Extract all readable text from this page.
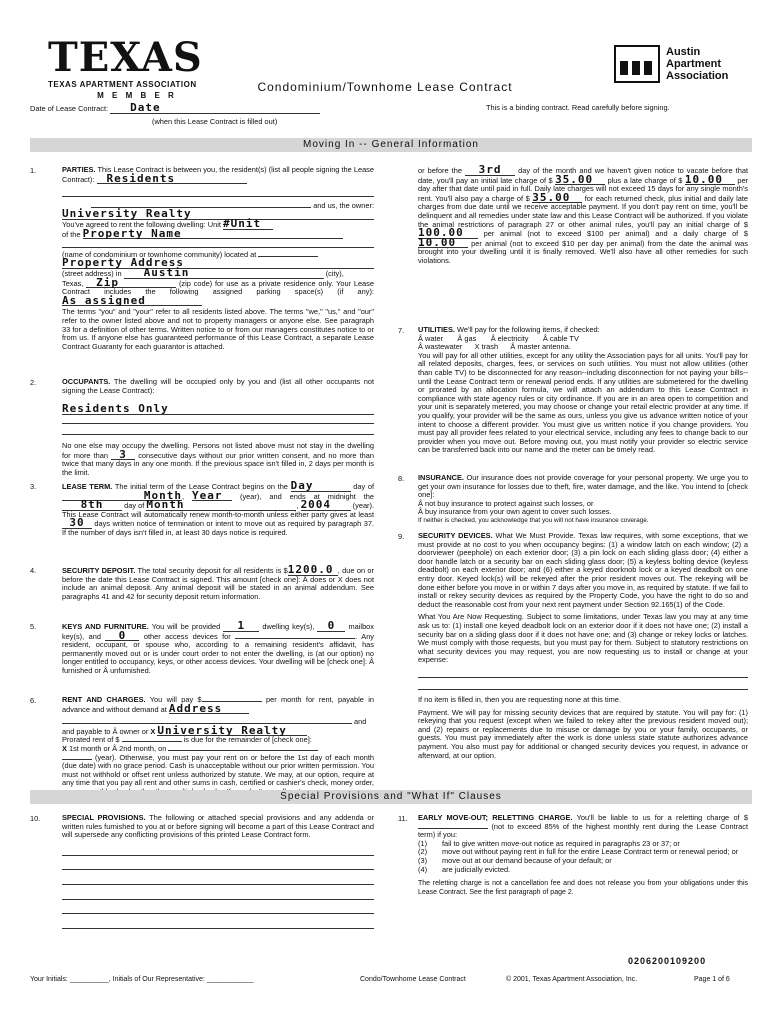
TEXAS
TEXAS APARTMENT ASSOCIATION
M E M B E R
Austin
Apartment
Association
Condominium/Townhome Lease Contract
Date of Lease Contract: Date	This is a binding contract. Read carefully before signing.
(when this Lease Contract is filled out)
Moving In -- General Information
1.	PARTIES. This Lease Contract is between you, the resident(s) (list all people signing the Lease Contract): Residents

and us, the owner:
University Realty
You've agreed to rent the following dwelling: Unit #Unit
of the Property Name
(name of condominium or townhome community) located at
Property Address
(street address) in Austin	(city),
Texas, Zip	(zip code) for use as a private residence only. Your Lease Contract includes the following assigned parking space(s) (if any): As assigned

The terms "you" and "your" refer to all residents listed above. The terms "we," "us," and "our" refer to the owner listed above and not to property managers or anyone else. See paragraph 33 for a definition of other terms. Written notice to or from our managers constitutes notice to or from us. If anyone else has guaranteed performance of this Lease Contract, a separate Lease Contract Guaranty for each guarantor is attached.

2.	OCCUPANTS. The dwelling will be occupied only by you and (list all other occupants not signing the Lease Contract):

Residents Only

No one else may occupy the dwelling. Persons not listed above must not stay in the dwelling for more than 3 consecutive days without our prior written consent, and no more than twice that many days in any one month. If the previous space isn't filled in, 2 days per month is the limit.

3.	LEASE TERM. The initial term of the Lease Contract begins on the Day	day of Month, Year (year), and ends at midnight the 8th	day of Month	, 2004	(year). This Lease Contract will automatically renew month-to-month unless either party gives at least 30 days written notice of termination or intent to move out as required by paragraph 37. If the number of days isn't filled in, at least 30 days notice is required.

4.	SECURITY DEPOSIT. The total security deposit for all residents is $1200.0 , due on or before the date this Lease Contract is signed. This amount [check one]: Â does or X does not include an animal deposit. Any animal deposit will be stated in an animal addendum. See paragraphs 41 and 42 for security deposit return information.

5.	KEYS AND FURNITURE. You will be provided 1 dwelling key(s), 0 mailbox key(s), and 0 other access devices for	. Any resident, occupant, or spouse who, according to a remaining resident's affidavit, has permanently moved out or is under court order to not enter the dwelling, is (at our option) no longer entitled to occupancy, keys, or other access devices. Your dwelling will be [check one]: Â furnished or Â unfurnished.

6.	RENT AND CHARGES. You will pay $	per month for rent, payable in advance and without demand at Address

and
and payable to Â owner or X University Realty
Prorated rent of $	is due for the remainder of [check one]:
X 1st month or Â 2nd month, on

(year). Otherwise, you must pay your rent on or before the 1st day of each month (due date) with no grace period. Cash is unacceptable without our prior written permission. You must not withhold or offset rent unless authorized by statute. We may, at our option, require at any time that you pay all rent and other sums in cash, certified or cashier's check, money order,

or before the 3rd day of the month and we haven't given notice to vacate before that date, you'll pay an initial late charge of $ 35.00 plus a late charge of $ 10.00 per day after that date until paid in full. Daily late charges will not exceed 15 days for any single month's rent. You'll also pay a charge of $ 35.00 for each returned check, plus initial and daily late charges from due date until we receive acceptable payment. If you don't pay rent on time, you'll be delinquent and all remedies under state law and this Lease Contract will be authorized. If you violate the animal restrictions of paragraph 27 or other animal rules, you'll pay an initial charge of $ 100.00	per animal (not to exceed $100 per animal) and a daily charge of $ 10.00 per animal (not to exceed $10 per day per animal) from the date the animal was brought into your dwelling until it is finally removed. We'll also have all other remedies for such violations.

7. UTILITIES. We'll pay for the following items, if checked:

Â water       Â gas       Â electricity       Â cable TV
Â wastewater      X trash      Â master antenna.

You will pay for all other utilities, except for any utility the Association pays for all units. You'll pay for all related deposits, charges, fees, or services on such utilities. You must not allow utilities (other than cable TV) to be disconnected for any reason--including disconnection for not paying your bills--until the Lease Contract term or renewal period ends. If any utilities are submetered for the dwelling or prorated by an allocation formula, we will attach an addendum to this Lease Contract in compliance with state agency rules or city ordinance. If you are in an area open to competition and your unit is separately metered, you may choose or change your retail electric provider at any time. If you qualify, your provider will be the same as ours, unless you give us advance written notice of your intent to choose a different provider. You must give us written notice if you change providers. You must pay all provider fees related to your electrical service, including any fees to change back to our provider when you move out. Before moving out, you must notify your provider so electric service can be transferred back into our name and the meter can be timely read.

8. INSURANCE. Our insurance does not provide coverage for your personal property. We urge you to get your own insurance for losses due to theft, fire, water damage, and the like. You intend to [check one]:

Â not buy insurance to protect against such losses, or
Â buy insurance from your own agent to cover such losses.
If neither is checked, you acknowledge that you will not have insurance coverage.
9. SECURITY DEVICES. What We Must Provide. Texas law requires, with some exceptions, that we must provide at no cost to you when occupancy begins: (1) a window latch on each window; (2) a doorviewer (peephole) on each exterior door; (3) a pin lock on each sliding glass door; (4) either a door handle latch or a security bar on each sliding glass door; (5) a keyless bolting device (keyless deadbolt) on each exterior door; and (6) either a keyed doorknob lock or a keyed deadbolt on one entry door. Keyed lock(s) will be rekeyed after the prior resident moves out. The rekeying will be done either before you move in or within 7 days after you move in, as required by statute. If we fail to install or rekey security devices as required by the Property Code, you have the right to do so and deduct the reasonable cost from your next rent payment under Section 92.165(1) of the Code.

What You Are Now Requesting. Subject to some limitations, under Texas law you may at any time ask us to: (1) install one keyed deadbolt lock on an exterior door if it does not have one; (2) install a security bar on a sliding glass door if it does not have one; and (3) change or rekey locks or latches. We must comply with those requests, but you must pay for them. Subject to statutory restrictions on what security devices you may request, you are now requesting us to install or change at your expense:

If no item is filled in, then you are requesting none at this time.

Payment. We will pay for missing security devices that are required by statute. You will pay for: (1) rekeying that you request (except when we failed to rekey after the previous resident moved out); and (2) repairs or replacements due to misuse or damage by you or your family, occupants, or guests. You must pay immediately after the work is done unless state statute authorizes advance payment. You also must pay for additional or changed security devices you request, in advance or afterward, at our option.

Special Provisions and "What If" Clauses
10.	SPECIAL PROVISIONS. The following or attached special provisions and any addenda or written rules furnished to you at or before signing will become a part of this Lease Contract and will supersede any conflicting provisions of this printed Lease Contract form.

11. EARLY MOVE-OUT; RELETTING CHARGE. You'll be liable to us for a reletting charge of $  (not to exceed 85% of the highest monthly rent during the Lease Contract term) if you:

(1)	fail to give written move-out notice as required in paragraphs 23 or 37; or
(2)	move out without paying rent in full for the entire Lease Contract term or renewal period; or
(3)	move out at our demand because of your default; or
(4)	are judicially evicted.

The reletting charge is not a cancellation fee and does not release you from your obligations under this Lease Contract. See the first paragraph of page 2.

0206200109200
Your Initials: __________, Initials of Our Representative: ____________	Condo/Townhome Lease Contract	© 2001, Texas Apartment Association, Inc.	Page 1 of 6
